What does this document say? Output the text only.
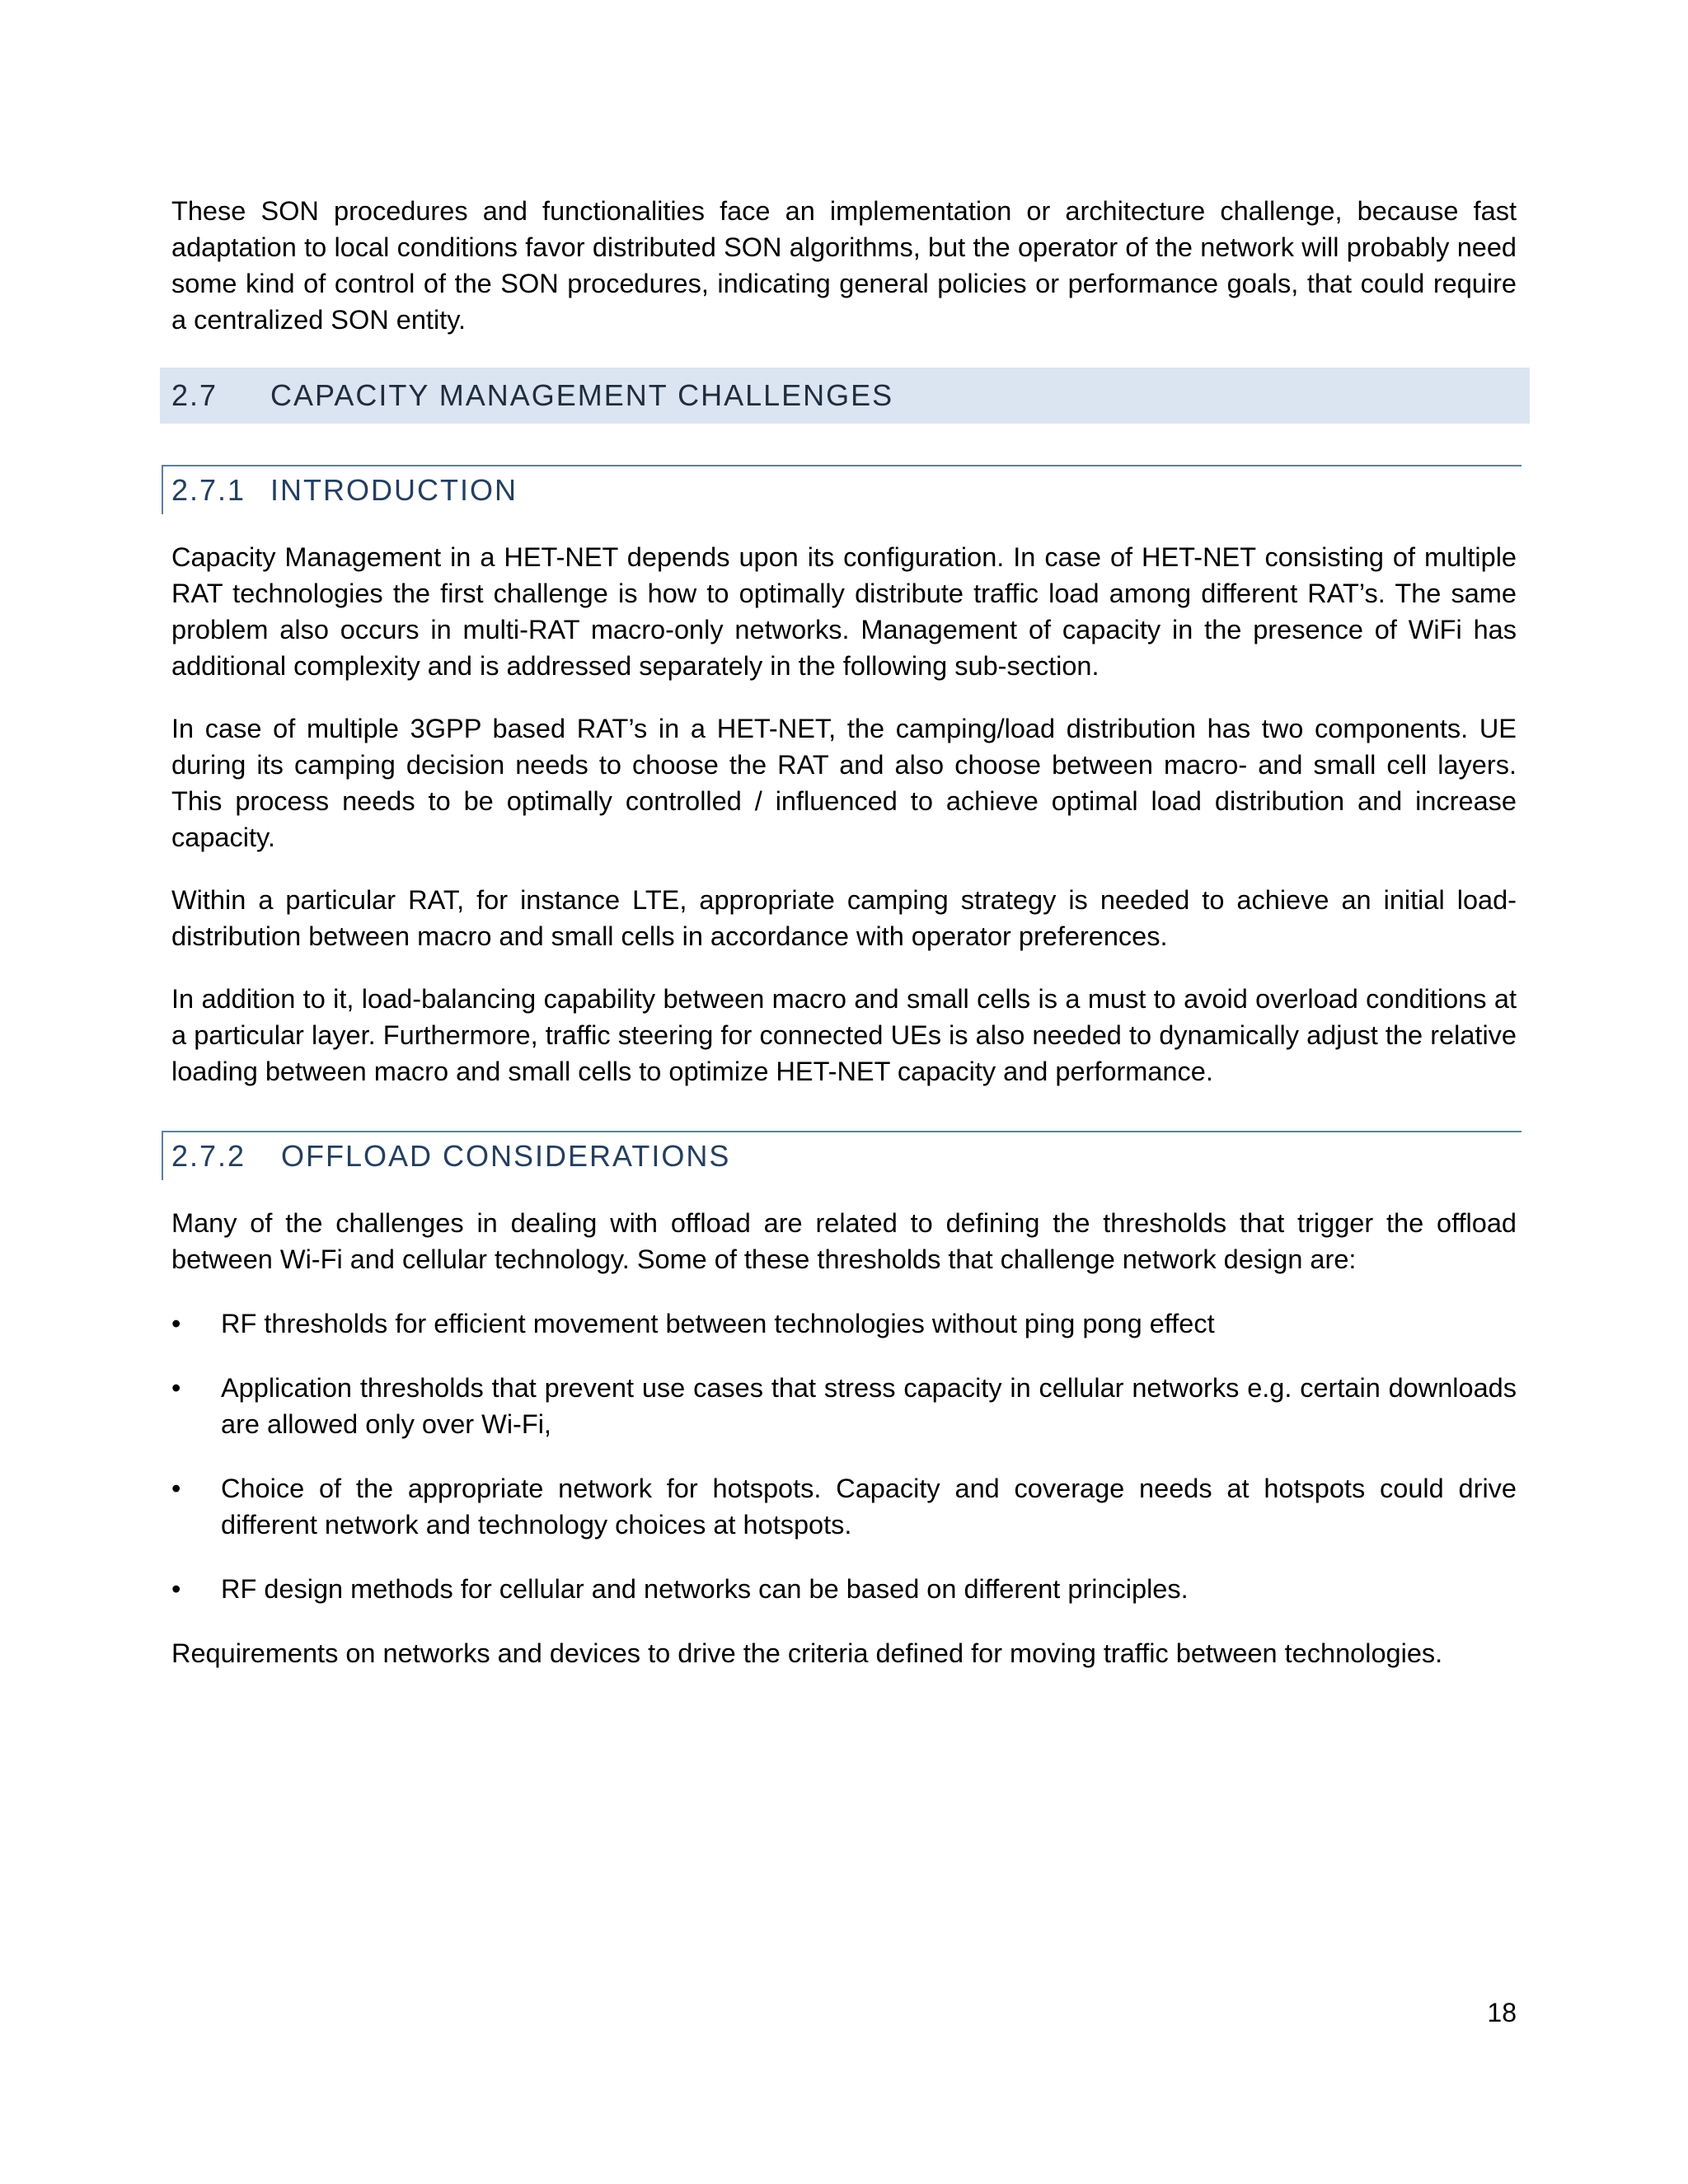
These SON procedures and functionalities face an implementation or architecture challenge, because fast adaptation to local conditions favor distributed SON algorithms, but the operator of the network will probably need some kind of control of the SON procedures, indicating general policies or performance goals, that could require a centralized SON entity.

2.7	CAPACITY MANAGEMENT CHALLENGES
2.7.1 INTRODUCTION

Capacity Management in a HET-NET depends upon its configuration. In case of HET-NET consisting of multiple RAT technologies the first challenge is how to optimally distribute traffic load among different RAT’s. The same problem also occurs in multi-RAT macro-only networks. Management of capacity in the presence of WiFi has additional complexity and is addressed separately in the following sub-section.

In case of multiple 3GPP based RAT’s in a HET-NET, the camping/load distribution has two components. UE during its camping decision needs to choose the RAT and also choose between macro- and small cell layers. This process needs to be optimally controlled / influenced to achieve optimal load distribution and increase capacity.

Within a particular RAT, for instance LTE, appropriate camping strategy is needed to achieve an initial load-distribution between macro and small cells in accordance with operator preferences.

In addition to it, load-balancing capability between macro and small cells is a must to avoid overload conditions at a particular layer. Furthermore, traffic steering for connected UEs is also needed to dynamically adjust the relative loading between macro and small cells to optimize HET-NET capacity and performance.

2.7.2 OFFLOAD CONSIDERATIONS

Many of the challenges in dealing with offload are related to defining the thresholds that trigger the offload between Wi-Fi and cellular technology. Some of these thresholds that challenge network design are:

• RF thresholds for efficient movement between technologies without ping pong effect
• Application thresholds that prevent use cases that stress capacity in cellular networks e.g. certain downloads are allowed only over Wi-Fi,
• Choice of the appropriate network for hotspots. Capacity and coverage needs at hotspots could drive different network and technology choices at hotspots.
• RF design methods for cellular and networks can be based on different principles.

Requirements on networks and devices to drive the criteria defined for moving traffic between technologies.

18
